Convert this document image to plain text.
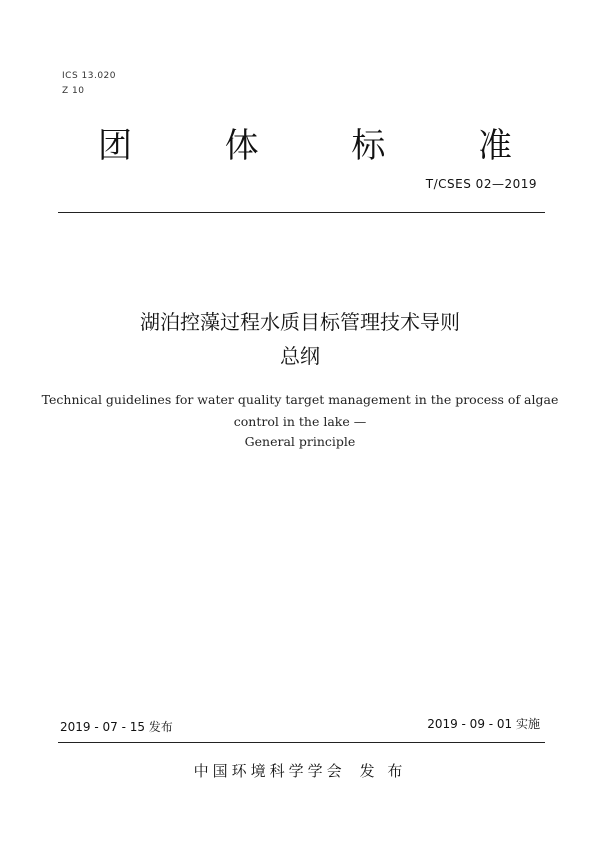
ICS 13.020
Z 10
团	体	标	准
T/CSES 02—2019
湖泊控藻过程水质目标管理技术导则
总纲
Technical guidelines for water quality target management in the process of algae
control in the lake —
General principle
2019 - 07 - 15 发布	2019 - 09 - 01 实施
中国环境科学学会 发 布
